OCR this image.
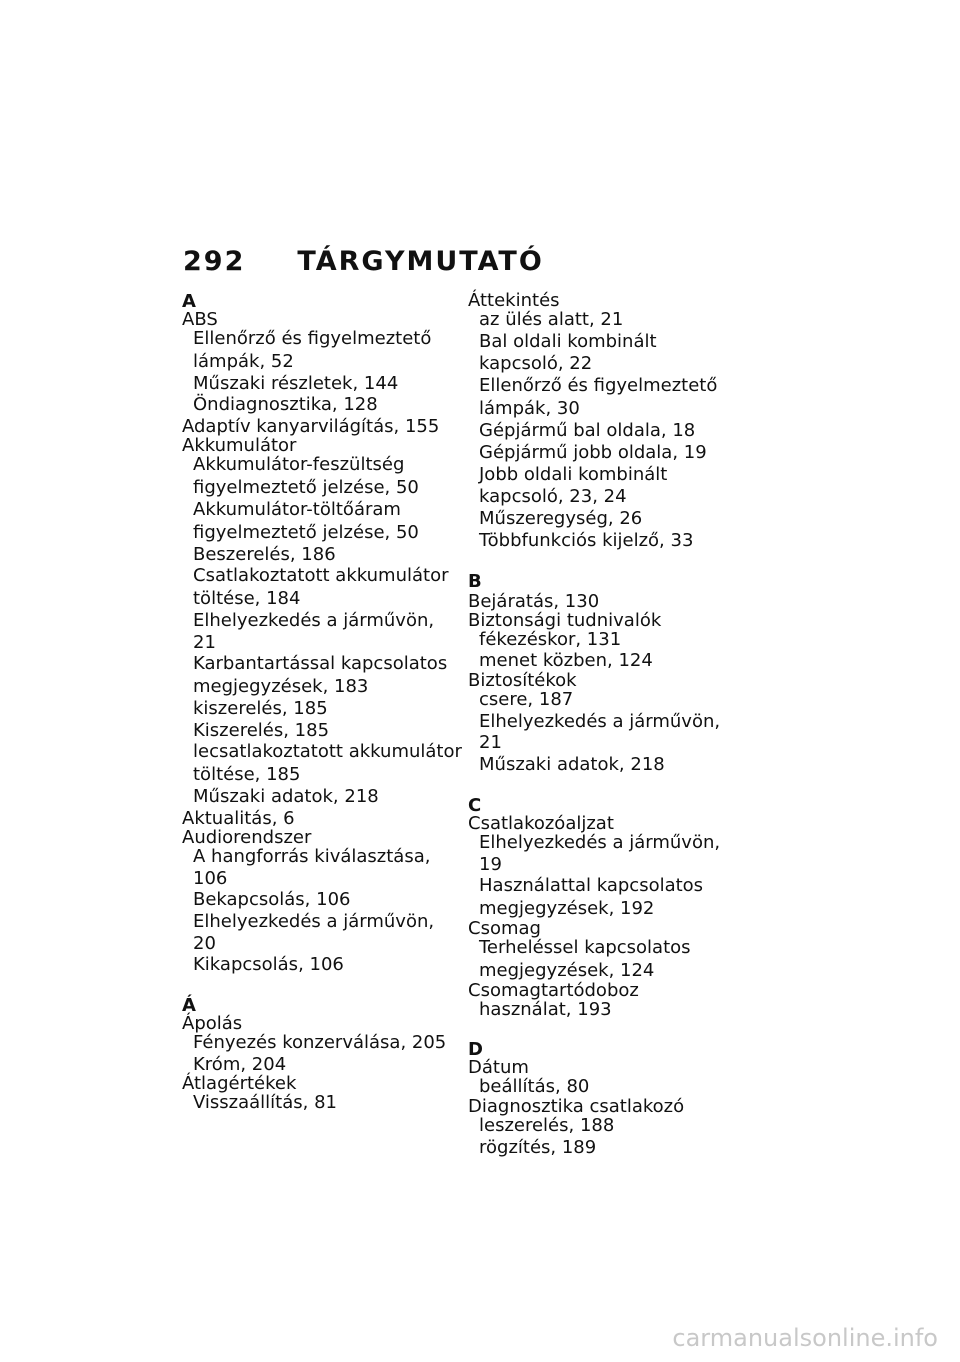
292 TÁRGYMUTATÓ
A
ABS
Ellenőrző és figyelmeztető
lámpák, 52
Műszaki részletek, 144
Öndiagnosztika, 128
Adaptív kanyarvilágítás, 155
Akkumulátor
Akkumulátor-feszültség
figyelmeztető jelzése, 50
Akkumulátor-töltőáram
figyelmeztető jelzése, 50
Beszerelés, 186
Csatlakoztatott akkumulátor
töltése, 184
Elhelyezkedés a járművön, 21
Karbantartással kapcsolatos
megjegyzések, 183
kiszerelés, 185
Kiszerelés, 185
lecsatlakoztatott akkumulátor
töltése, 185
Műszaki adatok, 218
Aktualitás, 6
Audiorendszer
A hangforrás kiválasztása, 106
Bekapcsolás, 106
Elhelyezkedés a járművön, 20
Kikapcsolás, 106
Á
Ápolás
Fényezés konzerválása, 205
Króm, 204
Átlagértékek
Visszaállítás, 81
Áttekintés
az ülés alatt, 21
Bal oldali kombinált
kapcsoló, 22
Ellenőrző és figyelmeztető
lámpák, 30
Gépjármű bal oldala, 18
Gépjármű jobb oldala, 19
Jobb oldali kombinált
kapcsoló, 23, 24
Műszeregység, 26
Többfunkciós kijelző, 33
B
Bejáratás, 130
Biztonsági tudnivalók
fékezéskor, 131
menet közben, 124
Biztosítékok
csere, 187
Elhelyezkedés a járművön, 21
Műszaki adatok, 218
C
Csatlakozóaljzat
Elhelyezkedés a járművön, 19
Használattal kapcsolatos
megjegyzések, 192
Csomag
Terheléssel kapcsolatos
megjegyzések, 124
Csomagtartódoboz
használat, 193
D
Dátum
beállítás, 80
Diagnosztika csatlakozó
leszerelés, 188
rögzítés, 189
carmanualsonline.info
